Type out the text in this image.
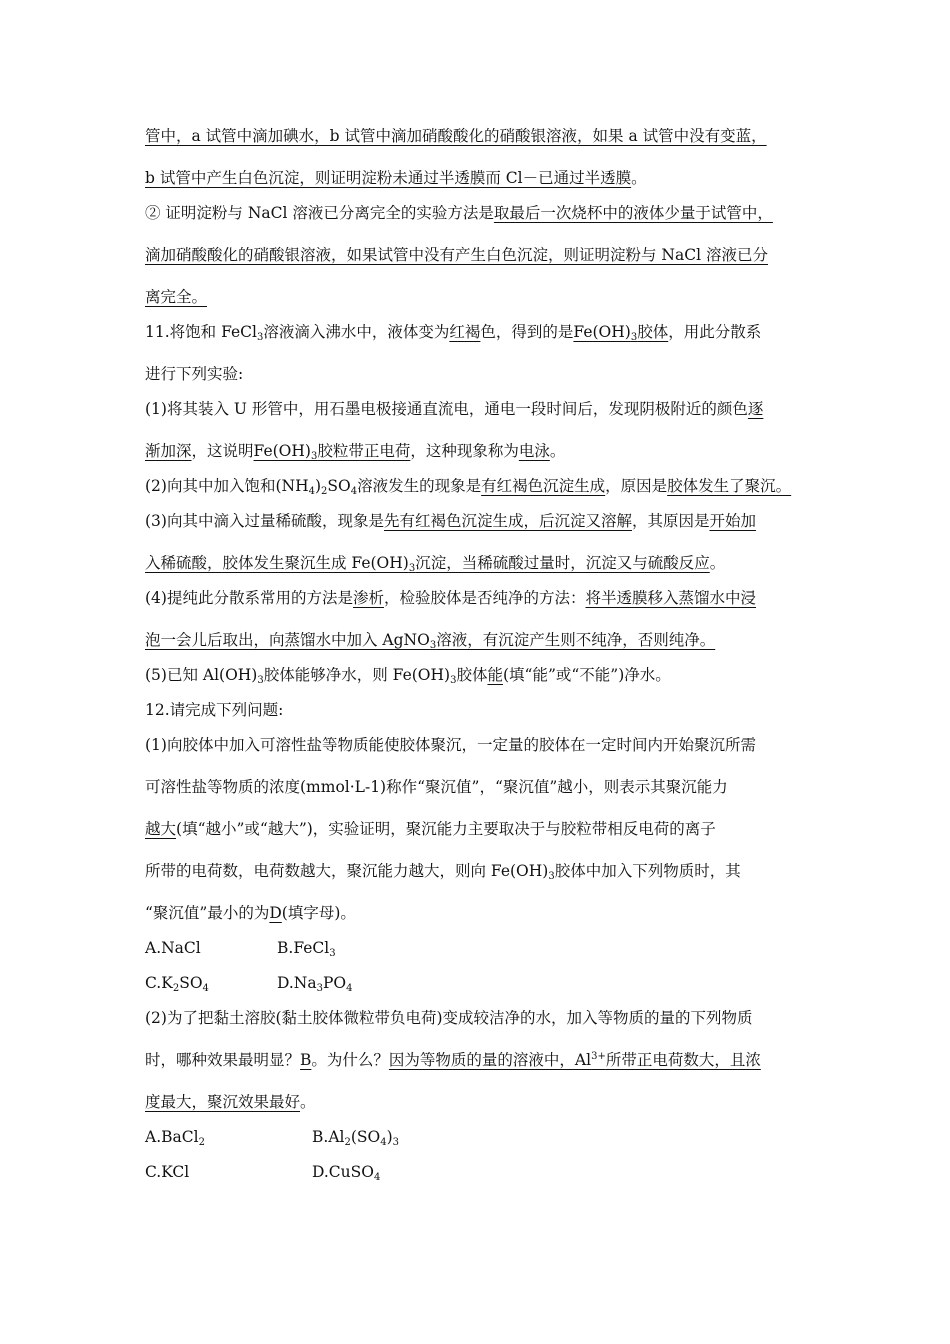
管中，a 试管中滴加碘水，b 试管中滴加硝酸酸化的硝酸银溶液，如果 a 试管中没有变蓝，
b 试管中产生白色沉淀，则证明淀粉未通过半透膜而 Cl－已通过半透膜。
② 证明淀粉与 NaCl 溶液已分离完全的实验方法是取最后一次烧杯中的液体少量于试管中，
滴加硝酸酸化的硝酸银溶液，如果试管中没有产生白色沉淀，则证明淀粉与 NaCl 溶液已分
离完全。
11.将饱和 FeCl$_3$溶液滴入沸水中，液体变为红褐色，得到的是$Fe(OH)_3$胶体，用此分散系
进行下列实验:
(1)将其装入 U 形管中，用石墨电极接通直流电，通电一段时间后，发现阴极附近的颜色逐
渐加深，这说明$Fe(OH)_3$胶粒带正电荷，这种现象称为电泳。
(2)向其中加入饱和$(NH_4)_2SO_4$溶液发生的现象是有红褐色沉淀生成，原因是胶体发生了聚沉。
(3)向其中滴入过量稀硫酸，现象是先有红褐色沉淀生成，后沉淀又溶解，其原因是开始加
入稀硫酸，胶体发生聚沉生成 $Fe(OH)_3$沉淀，当稀硫酸过量时，沉淀又与硫酸反应。
(4)提纯此分散系常用的方法是渗析，检验胶体是否纯净的方法：将半透膜移入蒸馏水中浸
泡一会儿后取出，向蒸馏水中加入 AgNO$_3$溶液，有沉淀产生则不纯净，否则纯净。
(5)已知 $Al(OH)_3$胶体能够净水，则 $Fe(OH)_3$胶体能(填“能”或“不能”)净水。
12.请完成下列问题:
(1)向胶体中加入可溶性盐等物质能使胶体聚沉，一定量的胶体在一定时间内开始聚沉所需
可溶性盐等物质的浓度(mmol·L-1)称作“聚沉值”，“聚沉值”越小，则表示其聚沉能力
越大(填“越小”或“越大”)，实验证明，聚沉能力主要取决于与胶粒带相反电荷的离子
所带的电荷数，电荷数越大，聚沉能力越大，则向 $Fe(OH)_3$胶体中加入下列物质时，其
“聚沉值”最小的为D(填字母)。
A.NaCl	B.FeCl$_3$
$C.K_2SO_4$	$D.Na_3PO_4$
(2)为了把黏土溶胶(黏土胶体微粒带负电荷)变成较洁净的水，加入等物质的量的下列物质
时，哪种效果最明显？B。为什么？因为等物质的量的溶液中，$Al^{3+}$所带正电荷数大，且浓
度最大，聚沉效果最好。
A.BaCl$_2$	$B.Al_2(SO_4)_3$
C.KCl	D.CuSO$_4$
